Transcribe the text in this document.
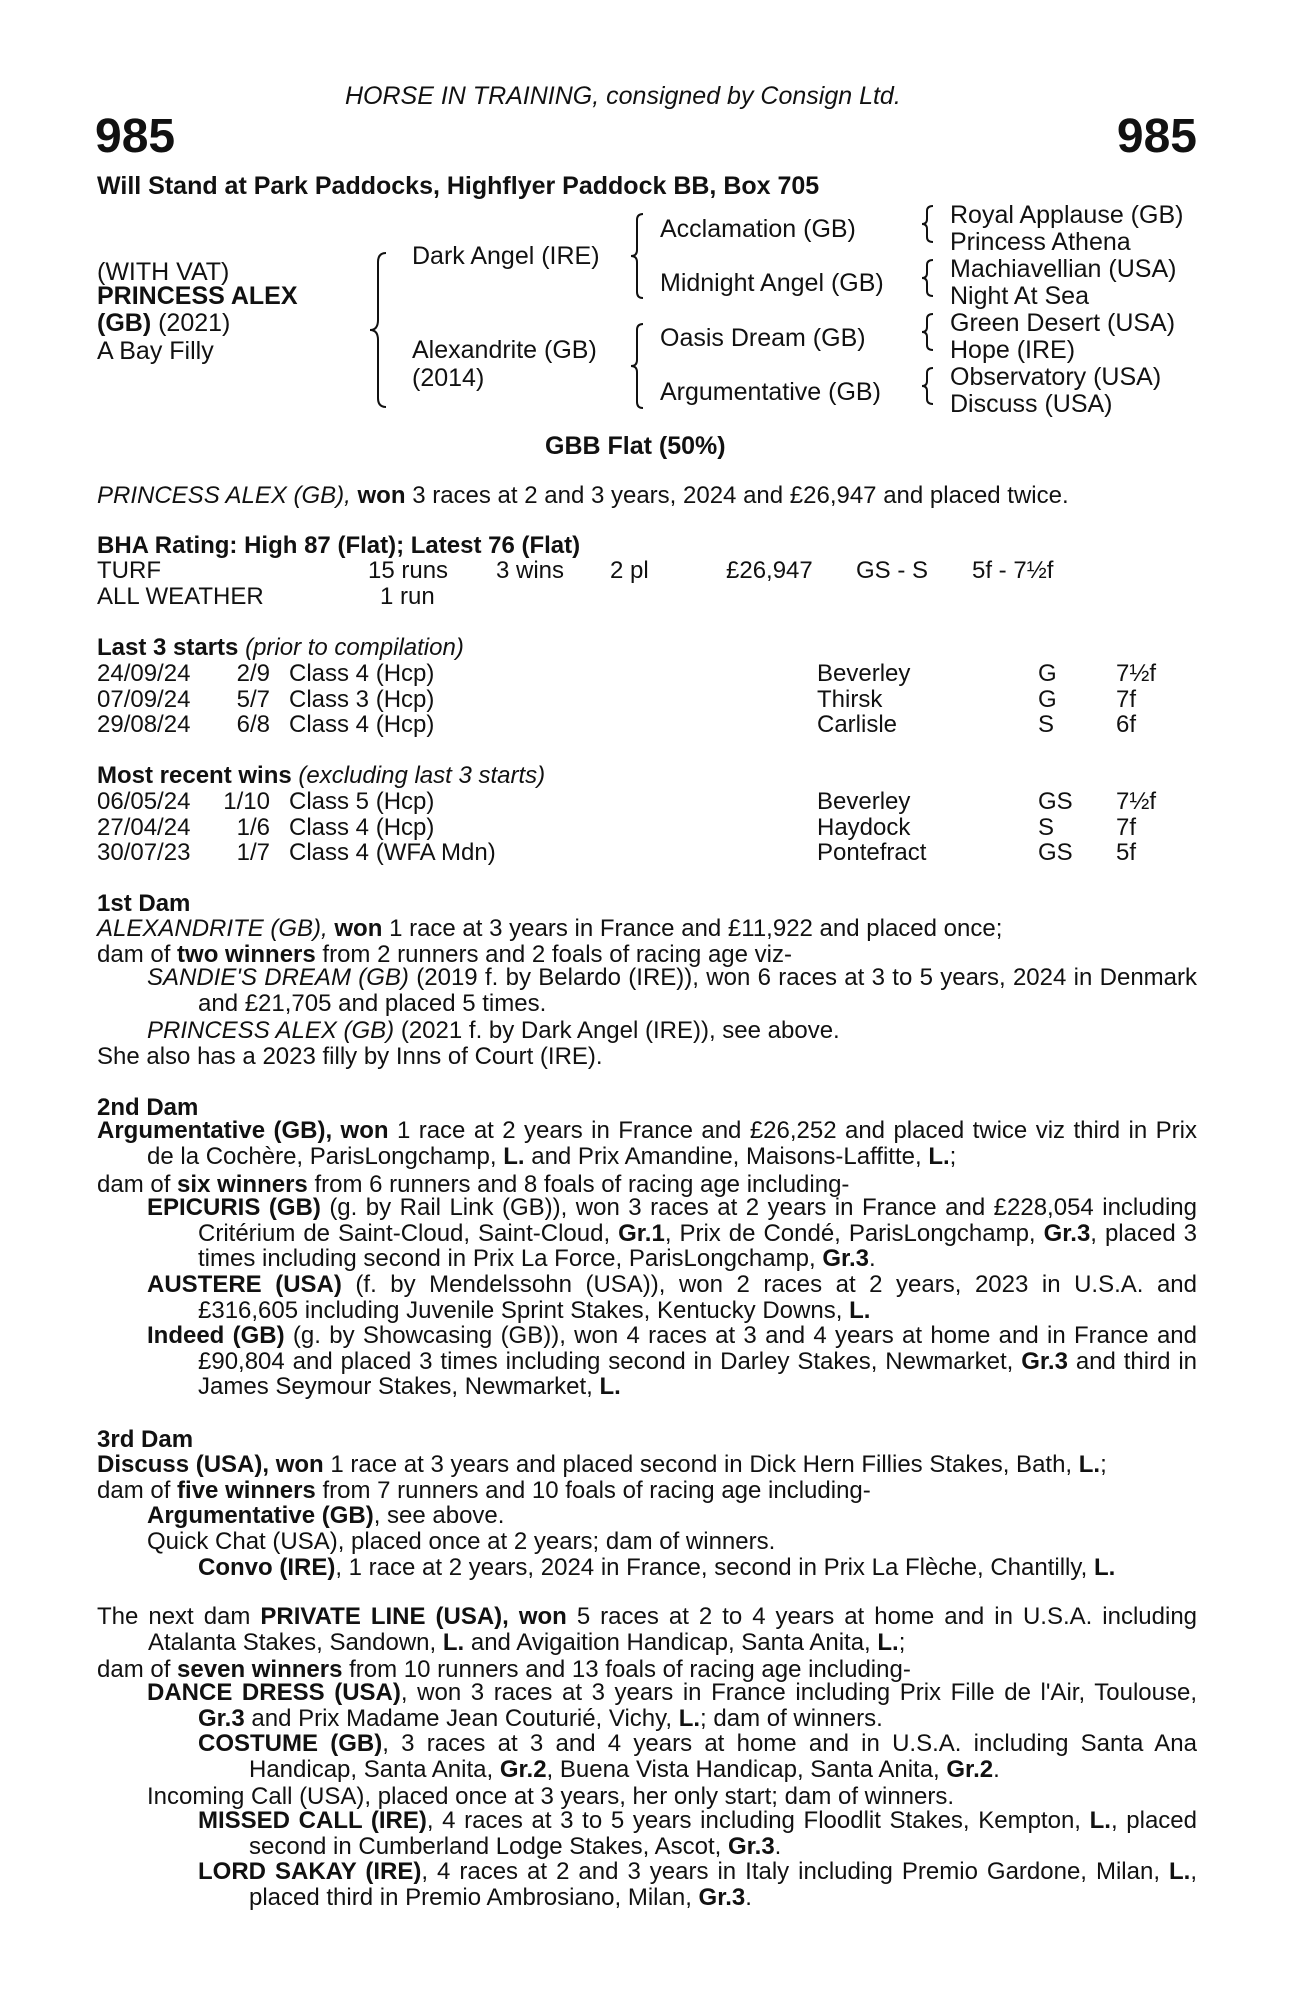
HORSE IN TRAINING, consigned by Consign Ltd.
985	985
Will Stand at Park Paddocks, Highflyer Paddock BB, Box 705
(WITH VAT)
PRINCESS ALEX
(GB) (2021)
A Bay Filly
Dark Angel (IRE)
Alexandrite (GB)
(2014)
Acclamation (GB)
Midnight Angel (GB)
Oasis Dream (GB)
Argumentative (GB)
Royal Applause (GB)
Princess Athena
Machiavellian (USA)
Night At Sea
Green Desert (USA)
Hope (IRE)
Observatory (USA)
Discuss (USA)
GBB Flat (50%)
PRINCESS ALEX (GB), won 3 races at 2 and 3 years, 2024 and £26,947 and placed twice.
BHA Rating: High 87 (Flat); Latest 76 (Flat)
TURF	15 runs 3 wins 2 pl	£26,947 GS - S 5f - 7½f
ALL WEATHER	1 run
Last 3 starts (prior to compilation)
24/09/24	2/9 Class 4 (Hcp)	Beverley	G 7½f
07/09/24	5/7 Class 3 (Hcp)	Thirsk	G 7f
29/08/24	6/8 Class 4 (Hcp)	Carlisle	S	6f
Most recent wins (excluding last 3 starts)
06/05/24	1/10 Class 5 (Hcp)	Beverley	GS 7½f
27/04/24	1/6 Class 4 (Hcp)	Haydock	S	7f
30/07/23	1/7 Class 4 (WFA Mdn)	Pontefract	GS 5f
1st Dam
ALEXANDRITE (GB), won 1 race at 3 years in France and £11,922 and placed once;
dam of two winners from 2 runners and 2 foals of racing age viz-
SANDIE'S DREAM (GB) (2019 f. by Belardo (IRE)), won 6 races at 3 to 5 years, 2024 in Denmark and £21,705 and placed 5 times.
PRINCESS ALEX (GB) (2021 f. by Dark Angel (IRE)), see above.
She also has a 2023 filly by Inns of Court (IRE).
2nd Dam
Argumentative (GB), won 1 race at 2 years in France and £26,252 and placed twice viz third in Prix de la Cochère, ParisLongchamp, L. and Prix Amandine, Maisons-Laffitte, L.;
dam of six winners from 6 runners and 8 foals of racing age including-
EPICURIS (GB) (g. by Rail Link (GB)), won 3 races at 2 years in France and £228,054 including Critérium de Saint-Cloud, Saint-Cloud, Gr.1, Prix de Condé, ParisLongchamp, Gr.3, placed 3 times including second in Prix La Force, ParisLongchamp, Gr.3.
AUSTERE (USA) (f. by Mendelssohn (USA)), won 2 races at 2 years, 2023 in U.S.A. and £316,605 including Juvenile Sprint Stakes, Kentucky Downs, L.
Indeed (GB) (g. by Showcasing (GB)), won 4 races at 3 and 4 years at home and in France and £90,804 and placed 3 times including second in Darley Stakes, Newmarket, Gr.3 and third in James Seymour Stakes, Newmarket, L.
3rd Dam
Discuss (USA), won 1 race at 3 years and placed second in Dick Hern Fillies Stakes, Bath, L.;
dam of five winners from 7 runners and 10 foals of racing age including-
Argumentative (GB), see above.
Quick Chat (USA), placed once at 2 years; dam of winners.
Convo (IRE), 1 race at 2 years, 2024 in France, second in Prix La Flèche, Chantilly, L.
The next dam PRIVATE LINE (USA), won 5 races at 2 to 4 years at home and in U.S.A. including Atalanta Stakes, Sandown, L. and Avigaition Handicap, Santa Anita, L.;
dam of seven winners from 10 runners and 13 foals of racing age including-
DANCE DRESS (USA), won 3 races at 3 years in France including Prix Fille de l'Air, Toulouse, Gr.3 and Prix Madame Jean Couturié, Vichy, L.; dam of winners.
COSTUME (GB), 3 races at 3 and 4 years at home and in U.S.A. including Santa Ana Handicap, Santa Anita, Gr.2, Buena Vista Handicap, Santa Anita, Gr.2.
Incoming Call (USA), placed once at 3 years, her only start; dam of winners.
MISSED CALL (IRE), 4 races at 3 to 5 years including Floodlit Stakes, Kempton, L., placed second in Cumberland Lodge Stakes, Ascot, Gr.3.
LORD SAKAY (IRE), 4 races at 2 and 3 years in Italy including Premio Gardone, Milan, L., placed third in Premio Ambrosiano, Milan, Gr.3.
